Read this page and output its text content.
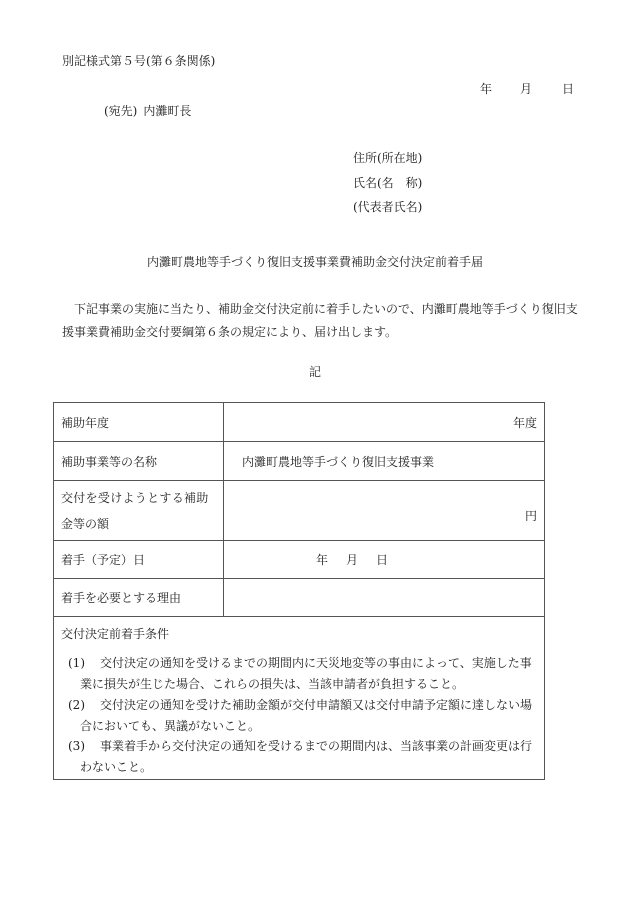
別記様式第５号(第６条関係)
年 月	日
(宛先) 内灘町長
住所(所在地)
氏名(名　称)
(代表者氏名)
内灘町農地等手づくり復旧支援事業費補助金交付決定前着手届
下記事業の実施に当たり、補助金交付決定前に着手したいので、内灘町農地等手づくり復旧支援事業費補助金交付要綱第６条の規定により、届け出します。
記
補助年度	年度
補助事業等の名称	内灘町農地等手づくり復旧支援事業

交付を受けようとする補助
金等の額	円
着手（予定）日	年 月 日
着手を必要とする理由	
交付決定前着手条件
(1)	交付決定の通知を受けるまでの期間内に天災地変等の事由によって、実施した事
業に損失が生じた場合、これらの損失は、当該申請者が負担すること。
(2)	交付決定の通知を受けた補助金額が交付申請額又は交付申請予定額に達しない場
合においても、異議がないこと。
(3)	事業着手から交付決定の通知を受けるまでの期間内は、当該事業の計画変更は行
わないこと。
